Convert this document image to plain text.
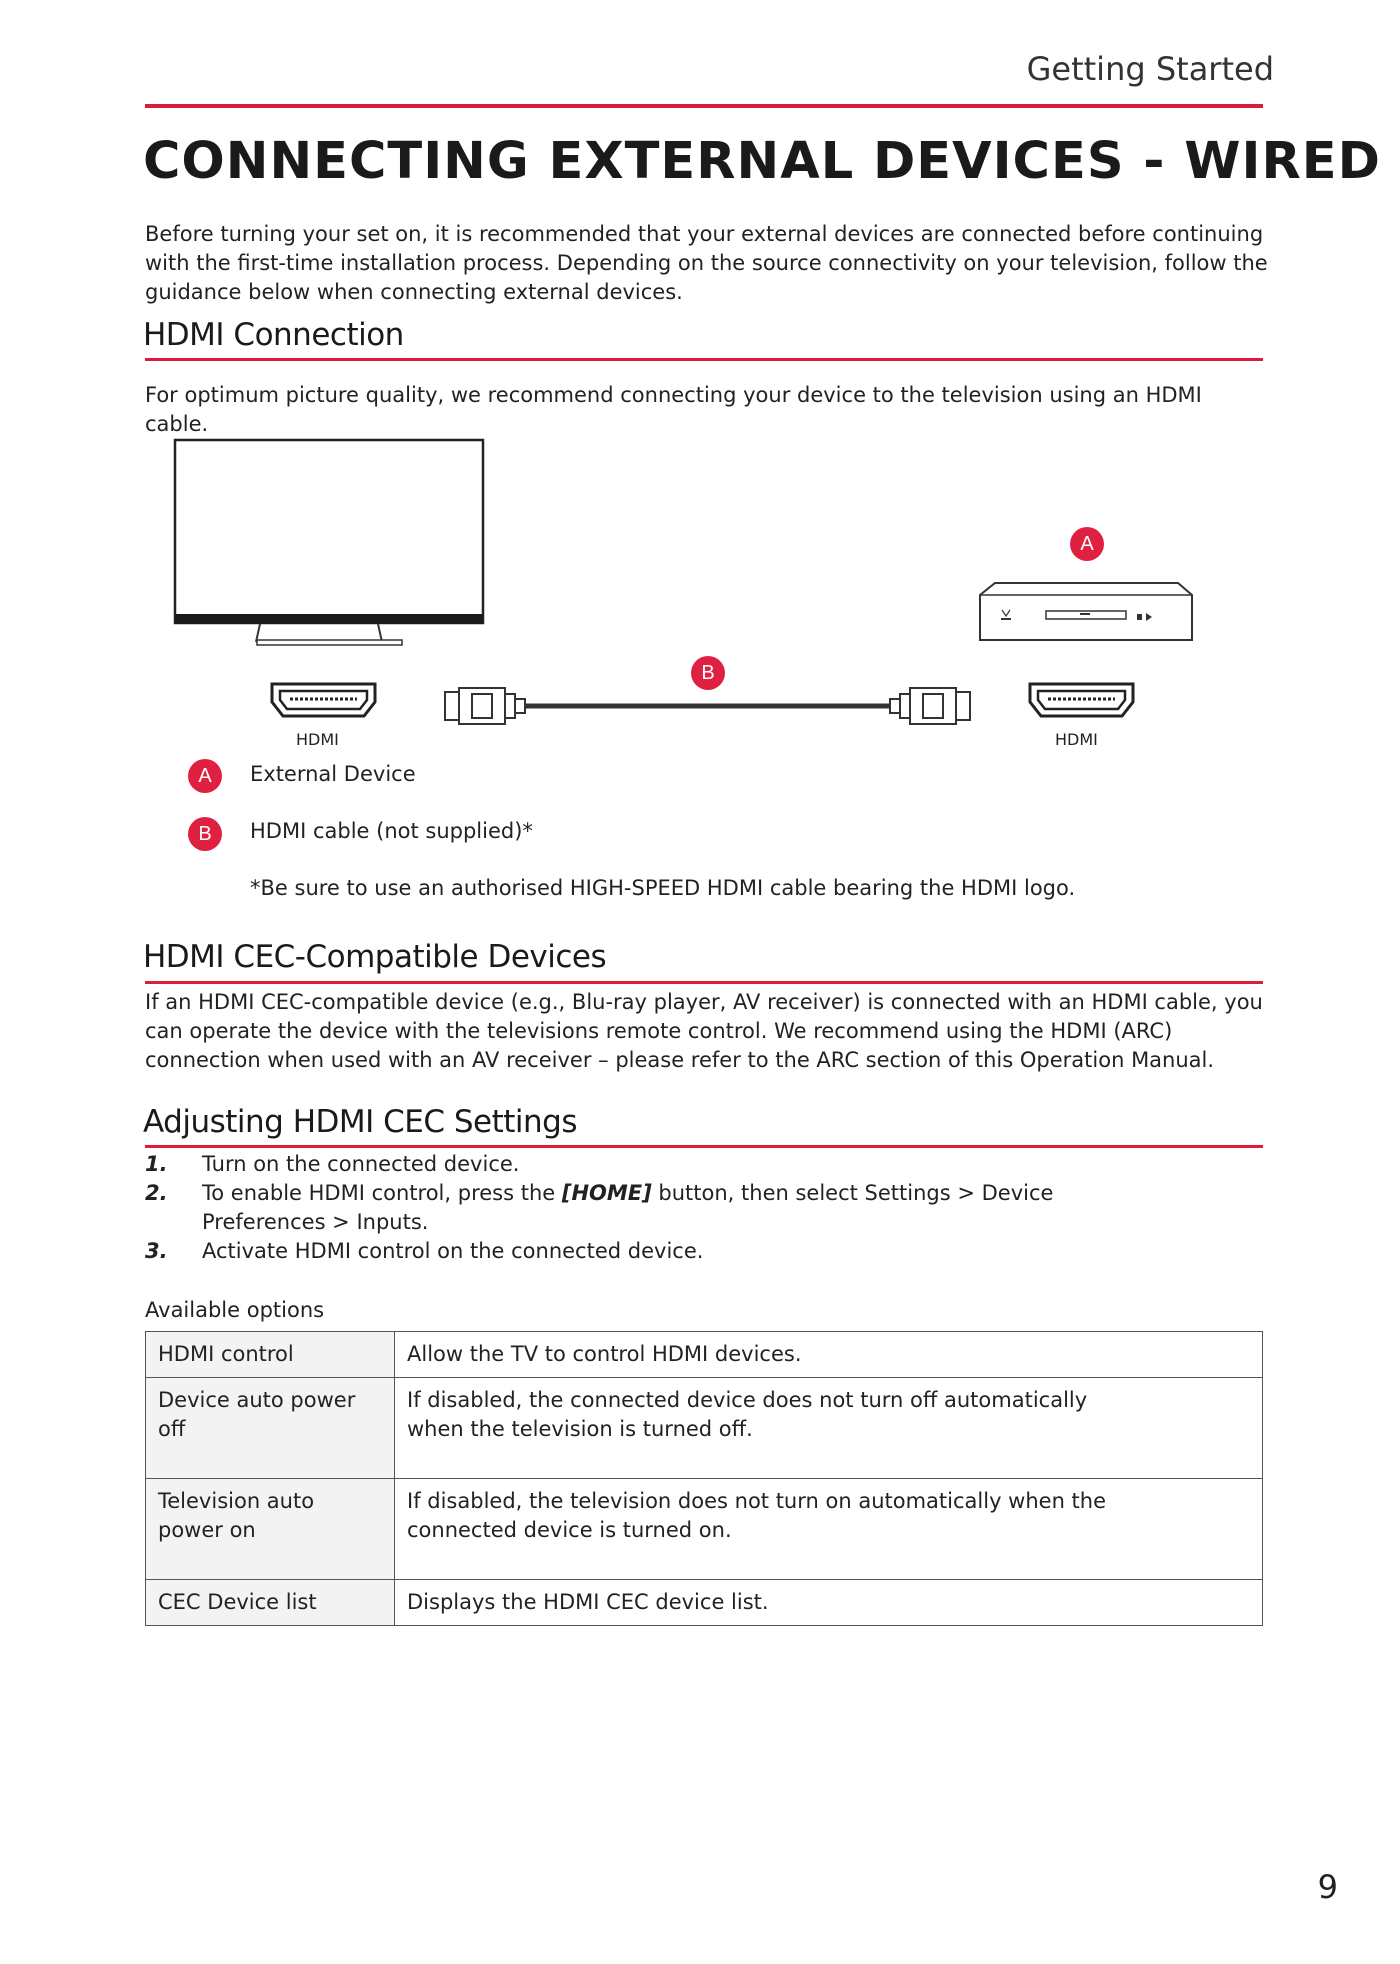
Getting Started
CONNECTING EXTERNAL DEVICES - WIRED
Before turning your set on, it is recommended that your external devices are connected before continuing with the first-time installation process. Depending on the source connectivity on your television, follow the guidance below when connecting external devices.
HDMI Connection
For optimum picture quality, we recommend connecting your device to the television using an HDMI cable.
A
B
HDMI	HDMI
A	External Device
B	HDMI cable (not supplied)*
*Be sure to use an authorised HIGH-SPEED HDMI cable bearing the HDMI logo.
HDMI CEC-Compatible Devices
If an HDMI CEC-compatible device (e.g., Blu-ray player, AV receiver) is connected with an HDMI cable, you can operate the device with the televisions remote control. We recommend using the HDMI (ARC) connection when used with an AV receiver – please refer to the ARC section of this Operation Manual.
Adjusting HDMI CEC Settings
1. Turn on the connected device.
2. To enable HDMI control, press the [HOME] button, then select Settings > Device Preferences > Inputs.
3. Activate HDMI control on the connected device.
Available options
HDMI control	Allow the TV to control HDMI devices.
Device auto power off	If disabled, the connected device does not turn off automatically when the television is turned off.

Television auto power on	If disabled, the television does not turn on automatically when the connected device is turned on.

CEC Device list	Displays the HDMI CEC device list.
9
